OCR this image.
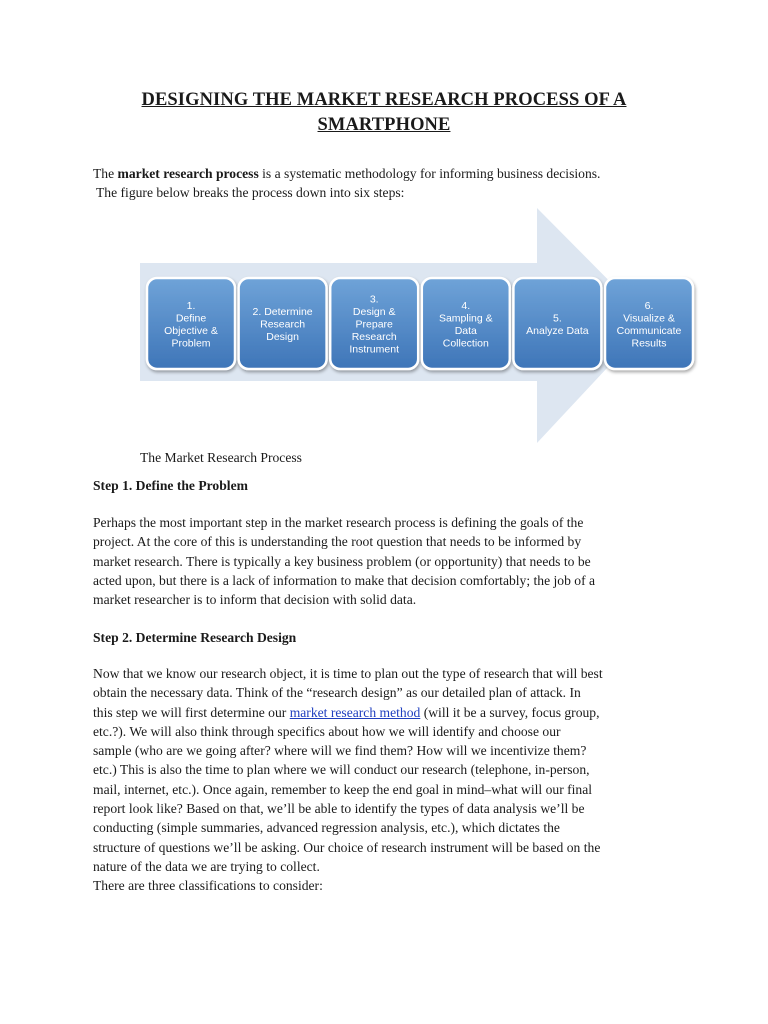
DESIGNING THE MARKET RESEARCH PROCESS OF A
SMARTPHONE

The market research process is a systematic methodology for informing business decisions.
The figure below breaks the process down into six steps:

1.
Define
Objective &
Problem
2. Determine
Research
Design
3.
Design &
Prepare
Research
Instrument
4.
Sampling &
Data
Collection
5.
Analyze Data
6.
Visualize &
Communicate
Results

The Market Research Process

Step 1. Define the Problem
Perhaps the most important step in the market research process is defining the goals of the
project. At the core of this is understanding the root question that needs to be informed by
market research. There is typically a key business problem (or opportunity) that needs to be
acted upon, but there is a lack of information to make that decision comfortably; the job of a
market researcher is to inform that decision with solid data.
Step 2. Determine Research Design
Now that we know our research object, it is time to plan out the type of research that will best
obtain the necessary data. Think of the “research design” as our detailed plan of attack. In
this step we will first determine our market research method (will it be a survey, focus group,
etc.?). We will also think through specifics about how we will identify and choose our
sample (who are we going after? where will we find them? How will we incentivize them?
etc.) This is also the time to plan where we will conduct our research (telephone, in-person,
mail, internet, etc.). Once again, remember to keep the end goal in mind–what will our final
report look like? Based on that, we’ll be able to identify the types of data analysis we’ll be
conducting (simple summaries, advanced regression analysis, etc.), which dictates the
structure of questions we’ll be asking. Our choice of research instrument will be based on the
nature of the data we are trying to collect.
There are three classifications to consider:
